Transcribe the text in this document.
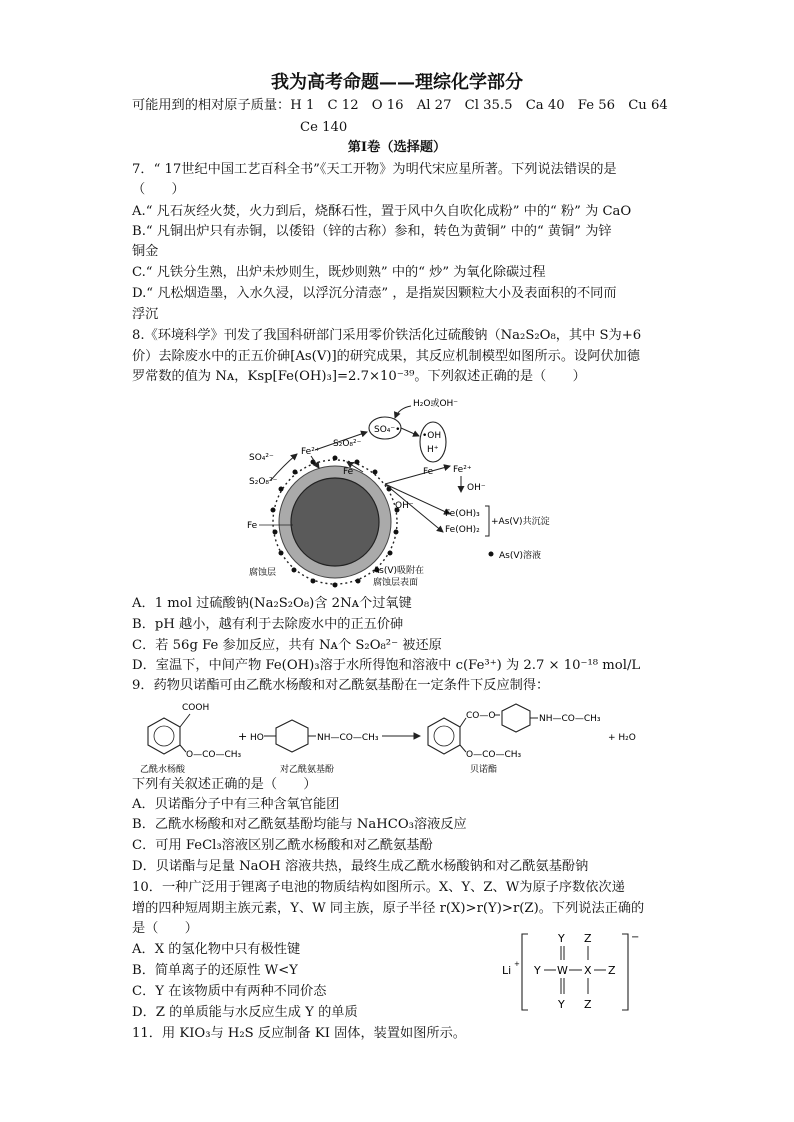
我为高考命题——理综化学部分
可能用到的相对原子质量：H 1　C 12　O 16　Al 27　Cl 35.5　Ca 40　Fe 56　Cu 64
Ce 140
第Ⅰ卷（选择题）
7．“ 17世纪中国工艺百科全书”《天工开物》为明代宋应星所著。下列说法错误的是
（　　）
A.“ 凡石灰经火焚，火力到后，烧酥石性，置于风中久自吹化成粉” 中的“ 粉” 为 CaO
B.“ 凡铜出炉只有赤铜，以倭铅（锌的古称）参和，转色为黄铜” 中的“ 黄铜” 为锌
铜金
C.“ 凡铁分生熟，出炉未炒则生，既炒则熟” 中的“ 炒” 为氧化除碳过程
D.“ 凡松烟造墨，入水久浸，以浮沉分清悫” ，是指炭因颗粒大小及表面积的不同而
浮沉
8.《环境科学》刊发了我国科研部门采用零价铁活化过硫酸钠（Na₂S₂O₈，其中 S为+6
价）去除废水中的正五价砷[As(V)]的研究成果，其反应机制模型如图所示。设阿伏加德
罗常数的值为 Nᴀ，Ksp[Fe(OH)₃]=2.7×10⁻³⁹。下列叙述正确的是（　　）
SO₄⁻•
•OH
H⁺
H₂O或OH⁻
S₂O₈²⁻
SO₄²⁻
S₂O₈²⁻
Fe²⁺
Fe	Fe Fe²⁺
OH⁻
OH⁻
Fe(OH)₃
Fe(OH)₂
+As(V)共沉淀
Fe
As(V)溶液
腐蚀层	As(V)吸附在
腐蚀层表面
A．1 mol 过硫酸钠(Na₂S₂O₈)含 2Nᴀ个过氧键
B．pH 越小，越有利于去除废水中的正五价砷
C．若 56g Fe 参加反应，共有 Nᴀ个 S₂O₈²⁻ 被还原
D．室温下，中间产物 Fe(OH)₃溶于水所得饱和溶液中 c(Fe³⁺) 为 2.7 × 10⁻¹⁸ mol/L
9．药物贝诺酯可由乙酰水杨酸和对乙酰氨基酚在一定条件下反应制得：
COOH
O—CO—CH₃
+ HO	NH—CO—CH₃
CO—O	NH—CO—CH₃
O—CO—CH₃
+ H₂O
乙酰水杨酸	对乙酰氨基酚	贝诺酯
下列有关叙述正确的是（　　）
A．贝诺酯分子中有三种含氧官能团
B．乙酰水杨酸和对乙酰氨基酚均能与 NaHCO₃溶液反应
C．可用 FeCl₃溶液区别乙酰水杨酸和对乙酰氨基酚
D．贝诺酯与足量 NaOH 溶液共热，最终生成乙酰水杨酸钠和对乙酰氨基酚钠
10．一种广泛用于锂离子电池的物质结构如图所示。X、Y、Z、W为原子序数依次递
增的四种短周期主族元素，Y、W 同主族，原子半径 r(X)>r(Y)>r(Z)。下列说法正确的
是（　　）
A．X 的氢化物中只有极性键
B．简单离子的还原性 W<Y
C．Y 在该物质中有两种不同价态
D．Z 的单质能与水反应生成 Y 的单质
Li +
−
Y Z
Y W X Z
Y Z
11．用 KIO₃与 H₂S 反应制备 KI 固体，装置如图所示。
